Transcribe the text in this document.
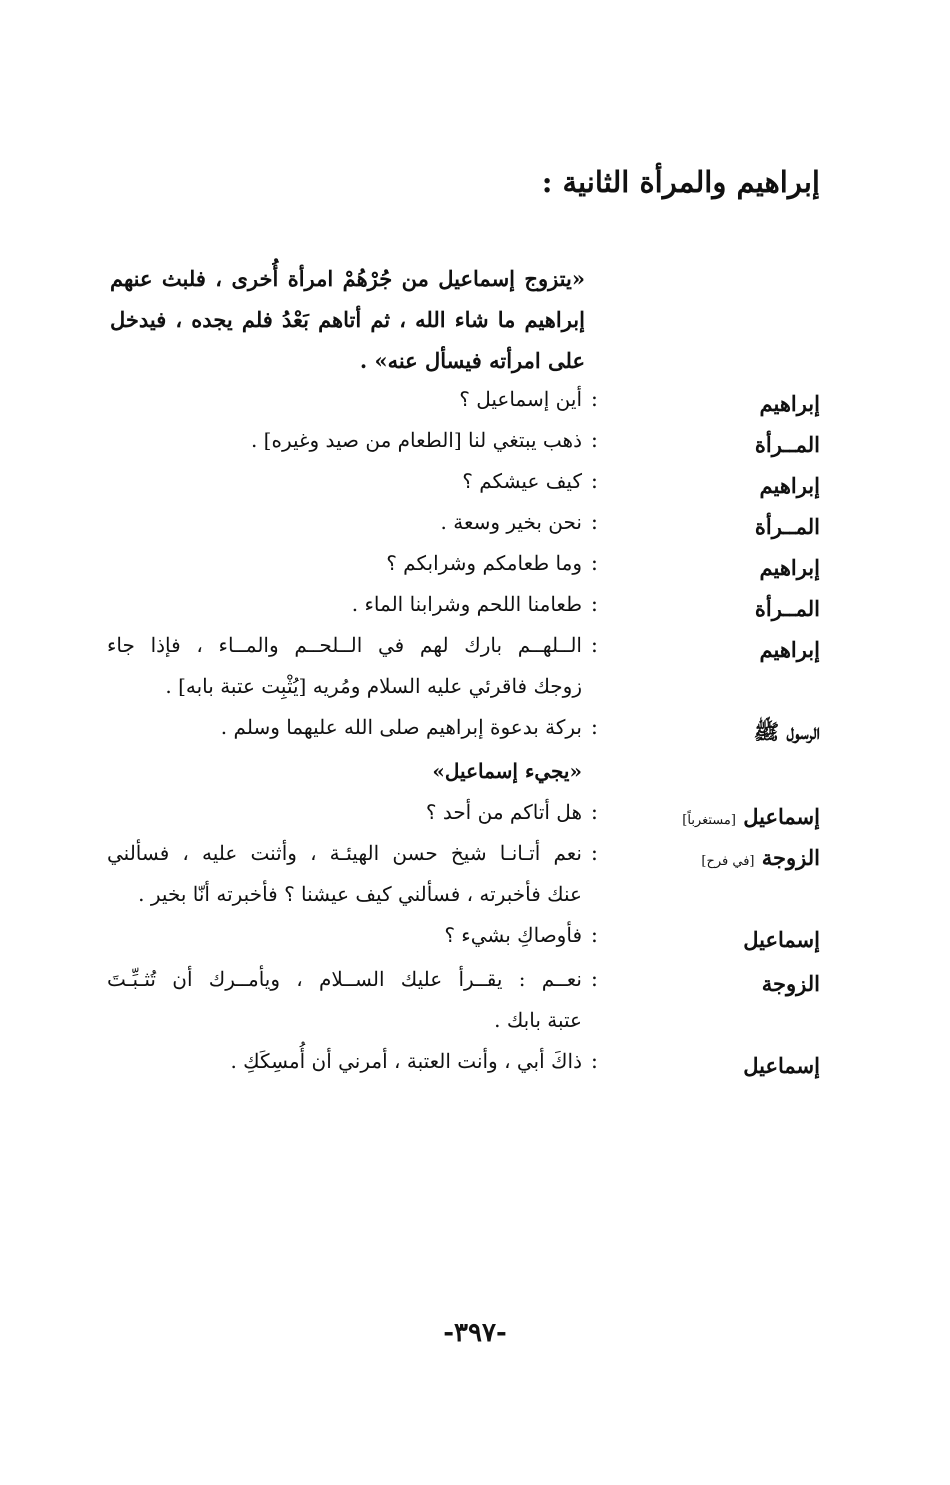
إبراهيم والمرأة الثانية :
«يتزوج إسماعيل من جُرْهُمْ امرأة أُخرى ، فلبث عنهم إبراهيم ما شاء الله ، ثم أتاهم بَعْدُ فلم يجده ، فيدخل على امرأته فيسأل عنه» .
إبراهيم
:
أين إسماعيل ؟
المــرأة
:
ذهب يبتغي لنا [الطعام من صيد وغيره] .
إبراهيم
:
كيف عيشكم ؟
المــرأة
:
نحن بخير وسعة .
إبراهيم
:
وما طعامكم وشرابكم ؟
المــرأة
:
طعامنا اللحم وشرابنا الماء .
إبراهيم
:
الــلهــم بارك لهم في الــلحــم والمــاء ، فإذا جاء
زوجك فاقرئي عليه السلام ومُريه [يُثْبِت عتبة بابه] .
الرسول ﷺ
:
بركة بدعوة إبراهيم صلى الله عليهما وسلم .
«يجيء إسماعيل»
إسماعيل [مستغرباً]
:
هل أتاكم من أحد ؟
الزوجة [في فرح]
:
نعم أتـانـا شيخ حسن الهيئـة ، وأثنت عليه ، فسألني
عنك فأخبرته ، فسألني كيف عيشنا ؟ فأخبرته أنّا بخير .
إسماعيل
:
فأوصاكِ بشيء ؟
الزوجة
:
نعــم : يقــرأ عليك الســلام ، ويأمــرك أن تُثـبِّـتَ
عتبة بابك .
إسماعيل
:
ذاكَ أبي ، وأنت العتبة ، أمرني أن أُمسِكَكِ .
-٣٩٧-
